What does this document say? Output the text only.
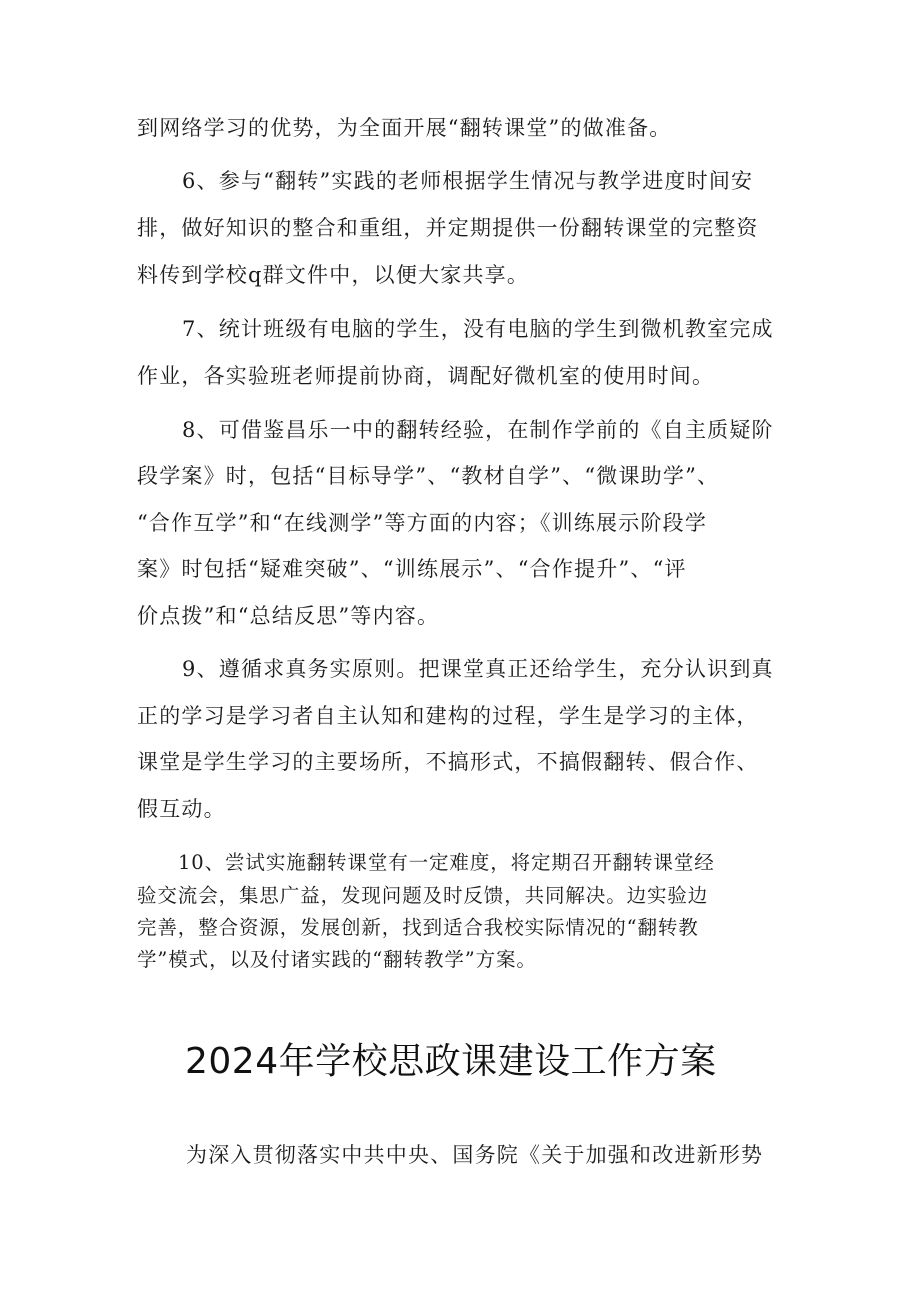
到网络学习的优势，为全面开展“翻转课堂”的做准备。
6、参与“翻转”实践的老师根据学生情况与教学进度时间安
排，做好知识的整合和重组，并定期提供一份翻转课堂的完整资
料传到学校q群文件中，以便大家共享。
7、统计班级有电脑的学生，没有电脑的学生到微机教室完成
作业，各实验班老师提前协商，调配好微机室的使用时间。
8、可借鉴昌乐一中的翻转经验，在制作学前的《自主质疑阶
段学案》时，包括“目标导学”、“教材自学”、“微课助学”、
“合作互学”和“在线测学”等方面的内容；《训练展示阶段学
案》时包括“疑难突破”、“训练展示”、“合作提升”、“评
价点拨”和“总结反思”等内容。
9、遵循求真务实原则。把课堂真正还给学生，充分认识到真
正的学习是学习者自主认知和建构的过程，学生是学习的主体，
课堂是学生学习的主要场所，不搞形式，不搞假翻转、假合作、
假互动。
10、尝试实施翻转课堂有一定难度，将定期召开翻转课堂经
验交流会，集思广益，发现问题及时反馈，共同解决。边实验边
完善，整合资源，发展创新，找到适合我校实际情况的“翻转教
学”模式，以及付诸实践的“翻转教学”方案。
2024年学校思政课建设工作方案
为深入贯彻落实中共中央、国务院《关于加强和改进新形势
